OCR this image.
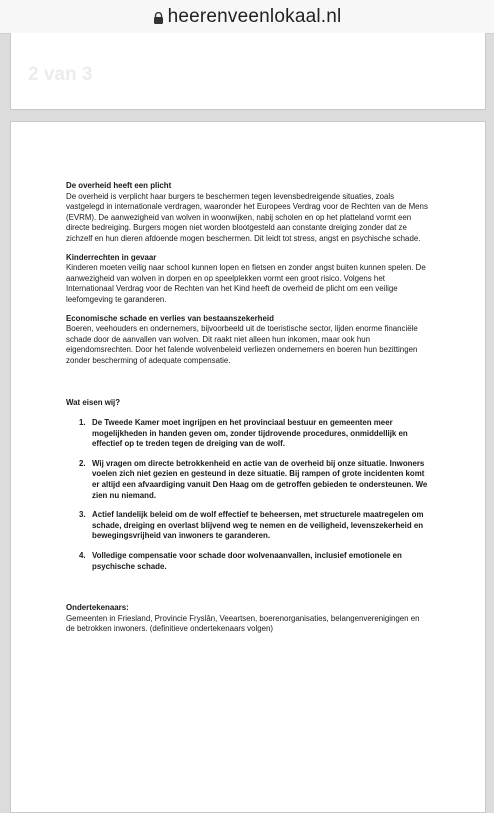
heerenveenlokaal.nl
2 van 3
De overheid heeft een plicht
De overheid is verplicht haar burgers te beschermen tegen levensbedreigende situaties, zoals vastgelegd in internationale verdragen, waaronder het Europees Verdrag voor de Rechten van de Mens (EVRM). De aanwezigheid van wolven in woonwijken, nabij scholen en op het platteland vormt een directe bedreiging. Burgers mogen niet worden blootgesteld aan constante dreiging zonder dat ze zichzelf en hun dieren afdoende mogen beschermen. Dit leidt tot stress, angst en psychische schade.
Kinderrechten in gevaar
Kinderen moeten veilig naar school kunnen lopen en fietsen en zonder angst buiten kunnen spelen. De aanwezigheid van wolven in dorpen en op speelplekken vormt een groot risico. Volgens het Internationaal Verdrag voor de Rechten van het Kind heeft de overheid de plicht om een veilige leefomgeving te garanderen.
Economische schade en verlies van bestaanszekerheid
Boeren, veehouders en ondernemers, bijvoorbeeld uit de toeristische sector, lijden enorme financiële schade door de aanvallen van wolven. Dit raakt niet alleen hun inkomen, maar ook hun eigendomsrechten. Door het falende wolvenbeleid verliezen ondernemers en boeren hun bezittingen zonder bescherming of adequate compensatie.
Wat eisen wij?
1. De Tweede Kamer moet ingrijpen en het provinciaal bestuur en gemeenten meer mogelijkheden in handen geven om, zonder tijdrovende procedures, onmiddellijk en effectief op te treden tegen de dreiging van de wolf.
2. Wij vragen om directe betrokkenheid en actie van de overheid bij onze situatie. Inwoners voelen zich niet gezien en gesteund in deze situatie. Bij rampen of grote incidenten komt er altijd een afvaardiging vanuit Den Haag om de getroffen gebieden te ondersteunen. We zien nu niemand.
3. Actief landelijk beleid om de wolf effectief te beheersen, met structurele maatregelen om schade, dreiging en overlast blijvend weg te nemen en de veiligheid, levenszekerheid en bewegingsvrijheid van inwoners te garanderen.
4. Volledige compensatie voor schade door wolvenaanvallen, inclusief emotionele en psychische schade.
Ondertekenaars:
Gemeenten in Friesland, Provincie Fryslân, Veeartsen, boerenorganisaties, belangenverenigingen en de betrokken inwoners. (definitieve ondertekenaars volgen)
